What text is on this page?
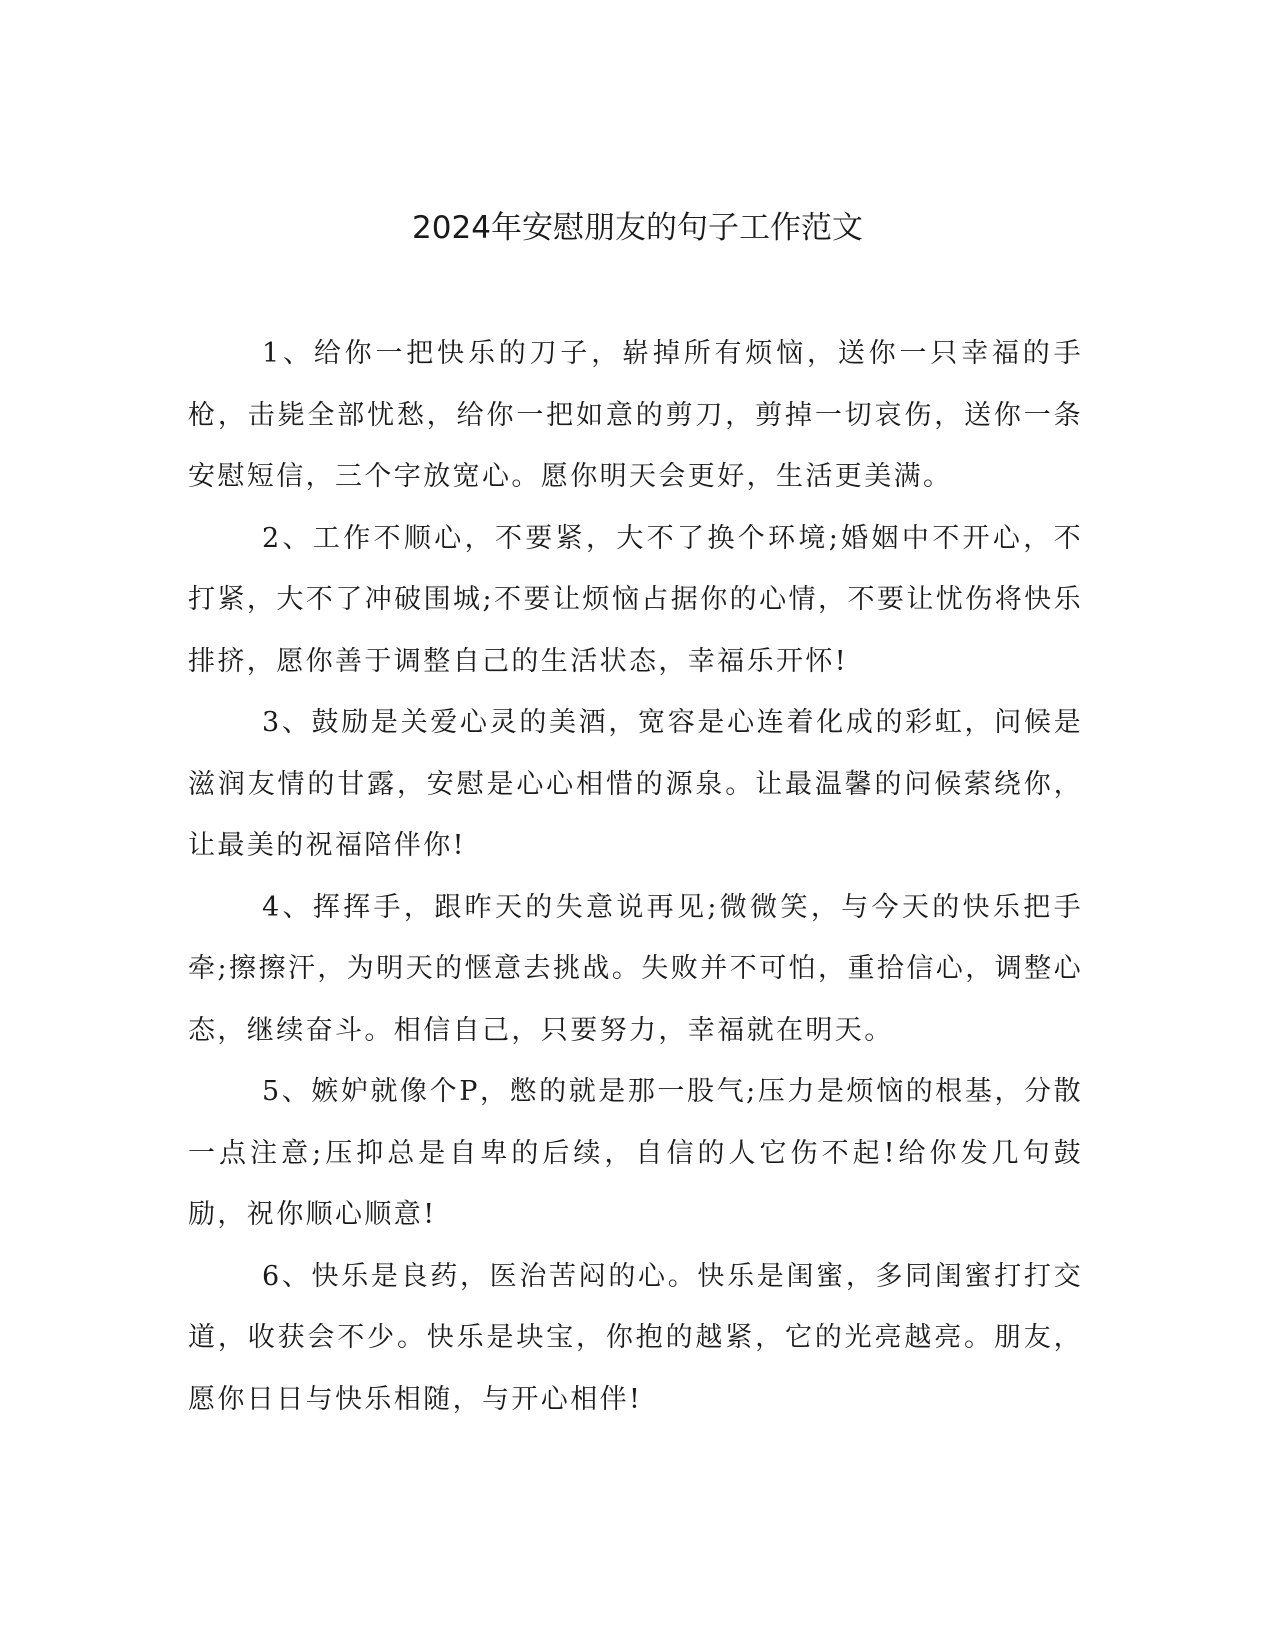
2024年安慰朋友的句子工作范文

1、给你一把快乐的刀子，崭掉所有烦恼，送你一只幸福的手枪，击毙全部忧愁，给你一把如意的剪刀，剪掉一切哀伤，送你一条安慰短信，三个字放宽心。愿你明天会更好，生活更美满。

2、工作不顺心，不要紧，大不了换个环境;婚姻中不开心，不打紧，大不了冲破围城;不要让烦恼占据你的心情，不要让忧伤将快乐排挤，愿你善于调整自己的生活状态，幸福乐开怀!

3、鼓励是关爱心灵的美酒，宽容是心连着化成的彩虹，问候是滋润友情的甘露，安慰是心心相惜的源泉。让最温馨的问候萦绕你，让最美的祝福陪伴你!

4、挥挥手，跟昨天的失意说再见;微微笑，与今天的快乐把手牵;擦擦汗，为明天的惬意去挑战。失败并不可怕，重拾信心，调整心态，继续奋斗。相信自己，只要努力，幸福就在明天。

5、嫉妒就像个P，憋的就是那一股气;压力是烦恼的根基，分散一点注意;压抑总是自卑的后续，自信的人它伤不起!给你发几句鼓励，祝你顺心顺意!

6、快乐是良药，医治苦闷的心。快乐是闺蜜，多同闺蜜打打交道，收获会不少。快乐是块宝，你抱的越紧，它的光亮越亮。朋友，愿你日日与快乐相随，与开心相伴!
